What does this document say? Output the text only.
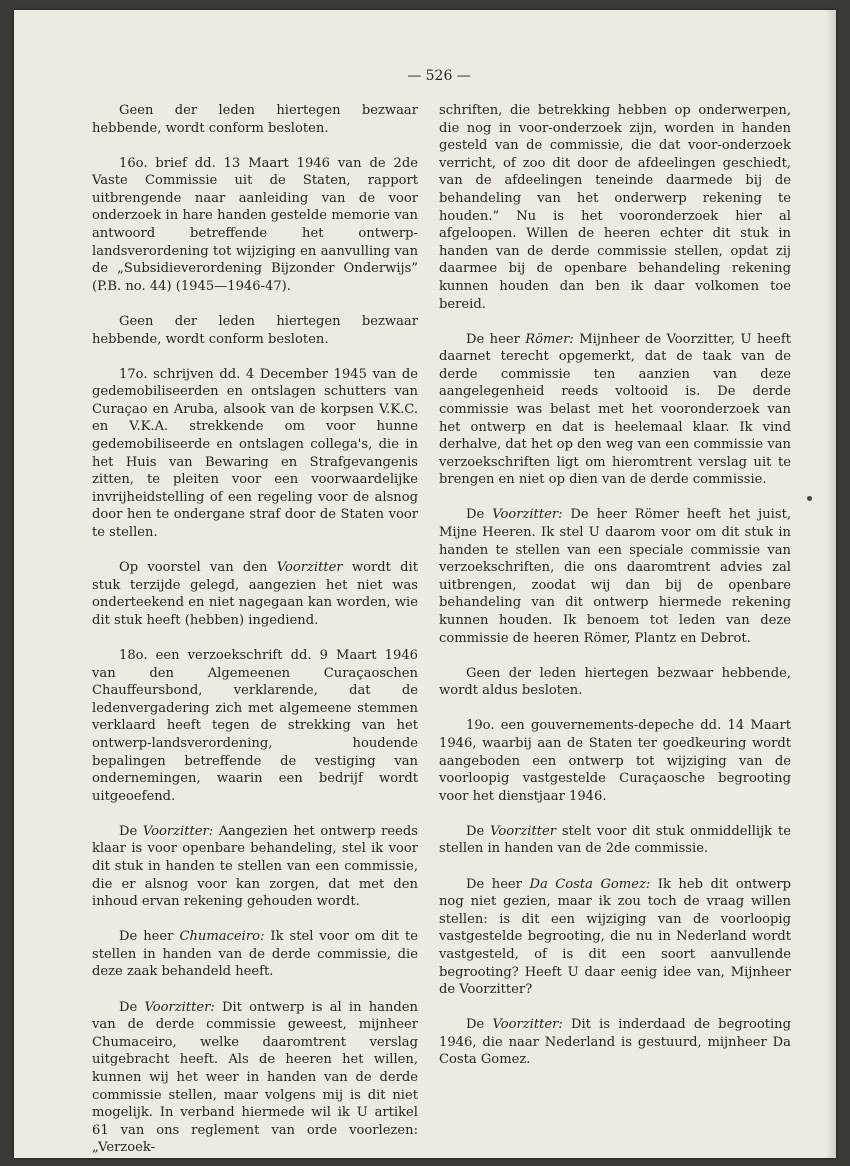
— 526 —

Geen der leden hiertegen bezwaar hebbende, wordt conform besloten.

16o. brief dd. 13 Maart 1946 van de 2de Vaste Commissie uit de Staten, rapport uitbrengende naar aanleiding van de voor onderzoek in hare handen gestelde memorie van antwoord betreffende het ontwerp-landsverordening tot wijziging en aanvulling van de „Subsidieverordening Bijzonder Onderwijs” (P.B. no. 44) (1945—1946-47).

Geen der leden hiertegen bezwaar hebbende, wordt conform besloten.

17o. schrijven dd. 4 December 1945 van de gedemobiliseerden en ontslagen schutters van Curaçao en Aruba, alsook van de korpsen V.K.C. en V.K.A. strekkende om voor hunne gedemobiliseerde en ontslagen collega's, die in het Huis van Bewaring en Strafgevangenis zitten, te pleiten voor een voorwaardelijke invrijheidstelling of een regeling voor de alsnog door hen te ondergane straf door de Staten voor te stellen.

Op voorstel van den Voorzitter wordt dit stuk terzijde gelegd, aangezien het niet was onderteekend en niet nagegaan kan worden, wie dit stuk heeft (hebben) ingediend.

18o. een verzoekschrift dd. 9 Maart 1946 van den Algemeenen Curaçaoschen Chauffeursbond, verklarende, dat de ledenvergadering zich met algemeene stemmen verklaard heeft tegen de strekking van het ontwerp-landsverordening, houdende bepalingen betreffende de vestiging van ondernemingen, waarin een bedrijf wordt uitgeoefend.

De Voorzitter: Aangezien het ontwerp reeds klaar is voor openbare behandeling, stel ik voor dit stuk in handen te stellen van een commissie, die er alsnog voor kan zorgen, dat met den inhoud ervan rekening gehouden wordt.

De heer Chumaceiro: Ik stel voor om dit te stellen in handen van de derde commissie, die deze zaak behandeld heeft.

De Voorzitter: Dit ontwerp is al in handen van de derde commissie geweest, mijnheer Chumaceiro, welke daaromtrent verslag uitgebracht heeft. Als de heeren het willen, kunnen wij het weer in handen van de derde commissie stellen, maar volgens mij is dit niet mogelijk. In verband hiermede wil ik U artikel 61 van ons reglement van orde voorlezen: „Verzoek-

schriften, die betrekking hebben op onderwerpen, die nog in voor-onderzoek zijn, worden in handen gesteld van de commissie, die dat voor-onderzoek verricht, of zoo dit door de afdeelingen geschiedt, van de afdeelingen teneinde daarmede bij de behandeling van het onderwerp rekening te houden.” Nu is het vooronderzoek hier al afgeloopen. Willen de heeren echter dit stuk in handen van de derde commissie stellen, opdat zij daarmee bij de openbare behandeling rekening kunnen houden dan ben ik daar volkomen toe bereid.

De heer Römer: Mijnheer de Voorzitter, U heeft daarnet terecht opgemerkt, dat de taak van de derde commissie ten aanzien van deze aangelegenheid reeds voltooid is. De derde commissie was belast met het vooronderzoek van het ontwerp en dat is heelemaal klaar. Ik vind derhalve, dat het op den weg van een commissie van verzoekschriften ligt om hieromtrent verslag uit te brengen en niet op dien van de derde commissie.

De Voorzitter: De heer Römer heeft het juist, Mijne Heeren. Ik stel U daarom voor om dit stuk in handen te stellen van een speciale commissie van verzoekschriften, die ons daaromtrent advies zal uitbrengen, zoodat wij dan bij de openbare behandeling van dit ontwerp hiermede rekening kunnen houden. Ik benoem tot leden van deze commissie de heeren Römer, Plantz en Debrot.

Geen der leden hiertegen bezwaar hebbende, wordt aldus besloten.

19o. een gouvernements-depeche dd. 14 Maart 1946, waarbij aan de Staten ter goedkeuring wordt aangeboden een ontwerp tot wijziging van de voorloopig vastgestelde Curaçaosche begrooting voor het dienstjaar 1946.

De Voorzitter stelt voor dit stuk onmiddellijk te stellen in handen van de 2de commissie.

De heer Da Costa Gomez: Ik heb dit ontwerp nog niet gezien, maar ik zou toch de vraag willen stellen: is dit een wijziging van de voorloopig vastgestelde begrooting, die nu in Nederland wordt vastgesteld, of is dit een soort aanvullende begrooting? Heeft U daar eenig idee van, Mijnheer de Voorzitter?

De Voorzitter: Dit is inderdaad de begrooting 1946, die naar Nederland is gestuurd, mijnheer Da Costa Gomez.
